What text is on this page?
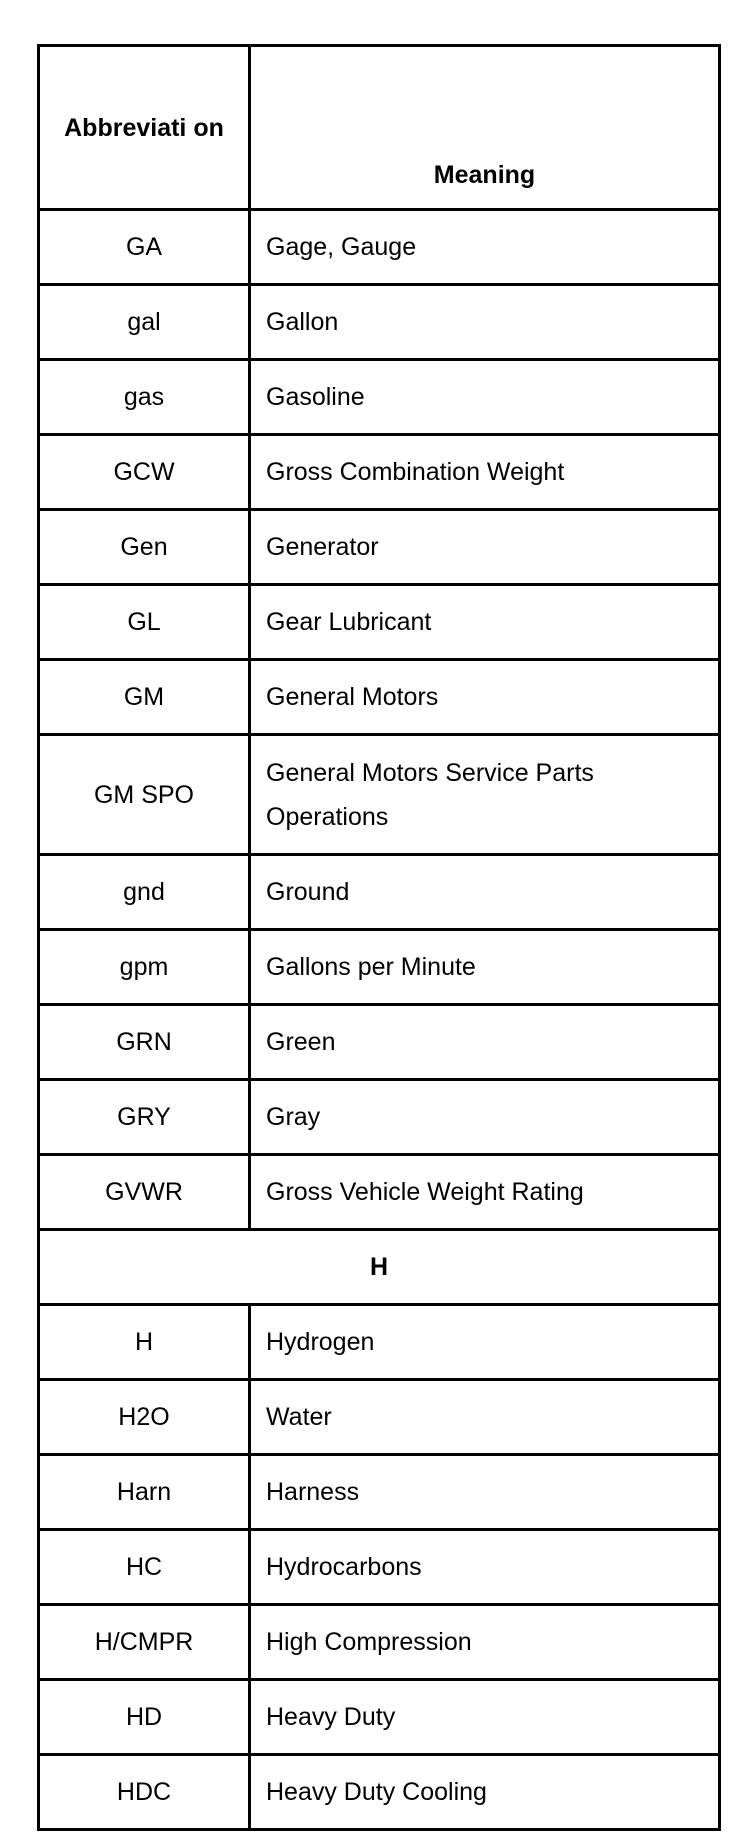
Abbreviati on	Meaning
GA	Gage, Gauge
gal	Gallon
gas	Gasoline
GCW	Gross Combination Weight
Gen	Generator
GL	Gear Lubricant
GM	General Motors
GM SPO	General Motors Service Parts Operations
gnd	Ground
gpm	Gallons per Minute
GRN	Green
GRY	Gray
GVWR	Gross Vehicle Weight Rating
H	
H	Hydrogen
H2O	Water
Harn	Harness
HC	Hydrocarbons
H/CMPR	High Compression
HD	Heavy Duty
HDC	Heavy Duty Cooling
